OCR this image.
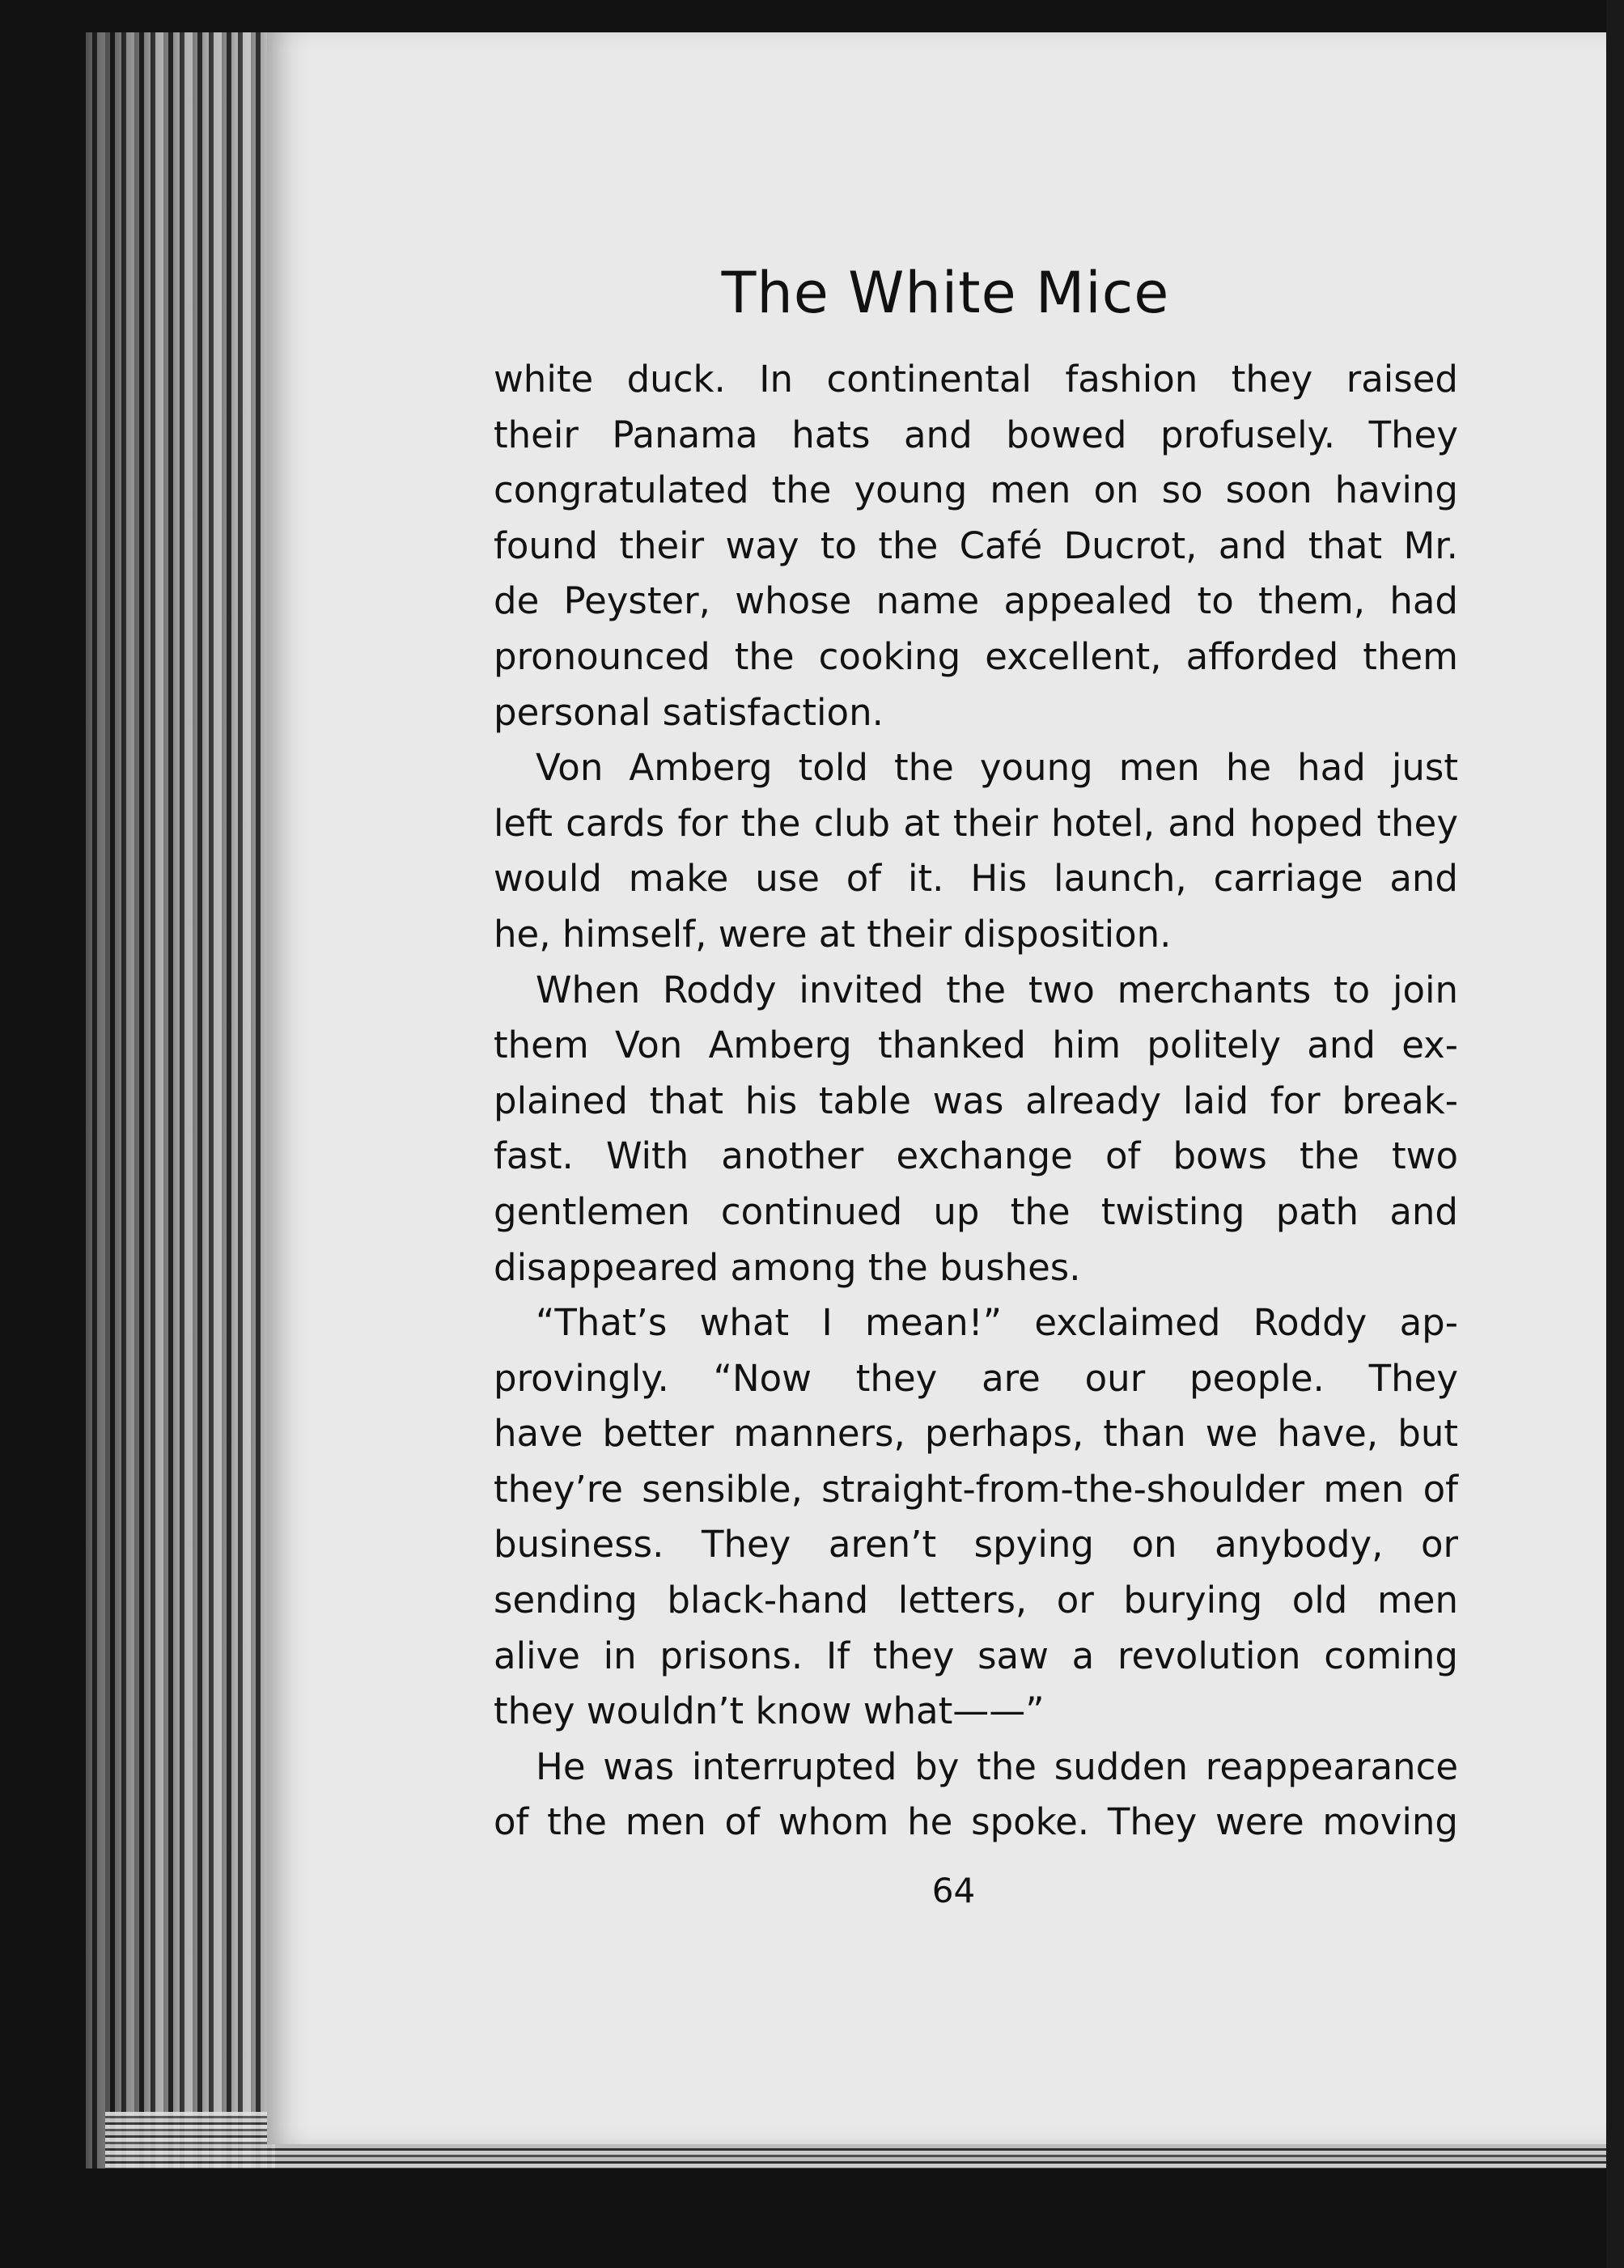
The White Mice
white duck. In continental fashion they raised
their Panama hats and bowed profusely. They
congratulated the young men on so soon having
found their way to the Café Ducrot, and that Mr.
de Peyster, whose name appealed to them, had
pronounced the cooking excellent, afforded them
personal satisfaction.
Von Amberg told the young men he had just
left cards for the club at their hotel, and hoped they
would make use of it. His launch, carriage and
he, himself, were at their disposition.
When Roddy invited the two merchants to join
them Von Amberg thanked him politely and ex-
plained that his table was already laid for break-
fast. With another exchange of bows the two
gentlemen continued up the twisting path and
disappeared among the bushes.
“That’s what I mean!” exclaimed Roddy ap-
provingly. “Now they are our people. They
have better manners, perhaps, than we have, but
they’re sensible, straight-from-the-shoulder men of
business. They aren’t spying on anybody, or
sending black-hand letters, or burying old men
alive in prisons. If they saw a revolution coming
they wouldn’t know what——”
He was interrupted by the sudden reappearance
of the men of whom he spoke. They were moving
64
